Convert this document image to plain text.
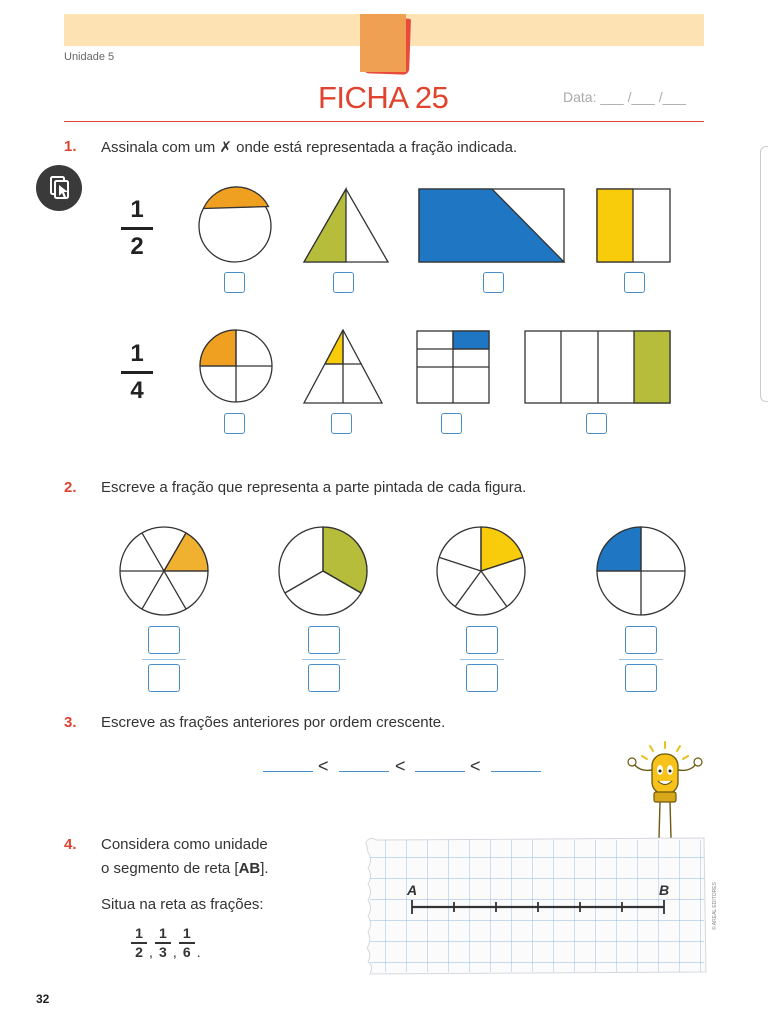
Unidade 5
FICHA 25	Data: ___ /___ /___
1. Assinala com um ✗ onde está representada a fração indicada.
1
2
1
4
2. Escreve a fração que representa a parte pintada de cada figura.
3. Escreve as frações anteriores por ordem crescente.
<	<	<
4. Considera como unidade
o segmento de reta [AB].
Situa na reta as frações:
$\frac{1}{2}$ , $\frac{1}{3}$ , $\frac{1}{6}$ .
A	B	© AREAL EDITORES
32
